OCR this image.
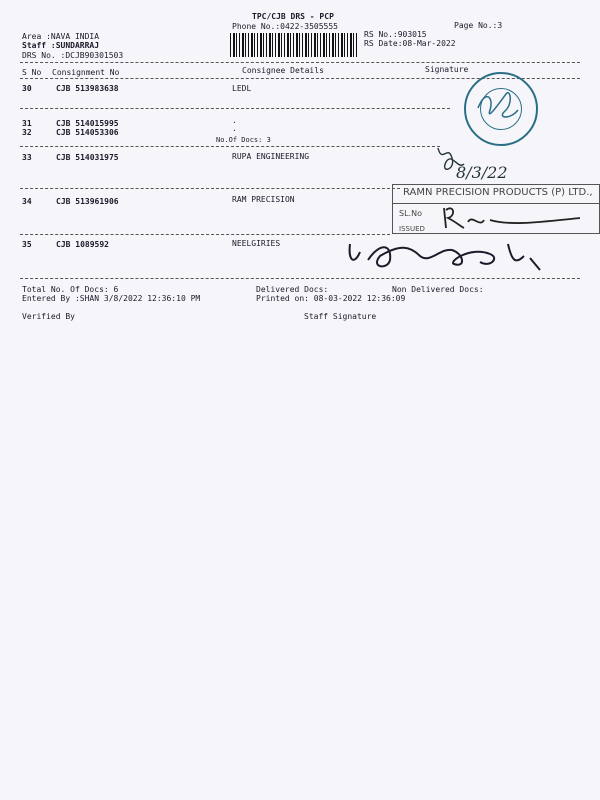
TPC/CJB DRS - PCP
Phone No.:0422-3505555	Page No.:3
Area :NAVA INDIA
Staff :SUNDARRAJ
DRS No. :DCJB90301503
RS No.:903015
RS Date:08-Mar-2022
S No Consignment No	Consignee Details	Signature
30	CJB 513983638	LEDL
31	CJB 514015995	.
32	CJB 514053306	.
No.Of Docs: 3
33	CJB 514031975	RUPA ENGINEERING
34	CJB 513961906	RAM PRECISION
35	CJB 1089592	NEELGIRIES
Total No. Of Docs: 6	Delivered Docs:	Non Delivered Docs:
Entered By :SHAN 3/8/2022 12:36:10 PM	Printed on: 08-03-2022 12:36:09
Verified By	Staff Signature
8/3/22
RAMN PRECISION PRODUCTS (P) LTD.,
SL.No
ISSUED
